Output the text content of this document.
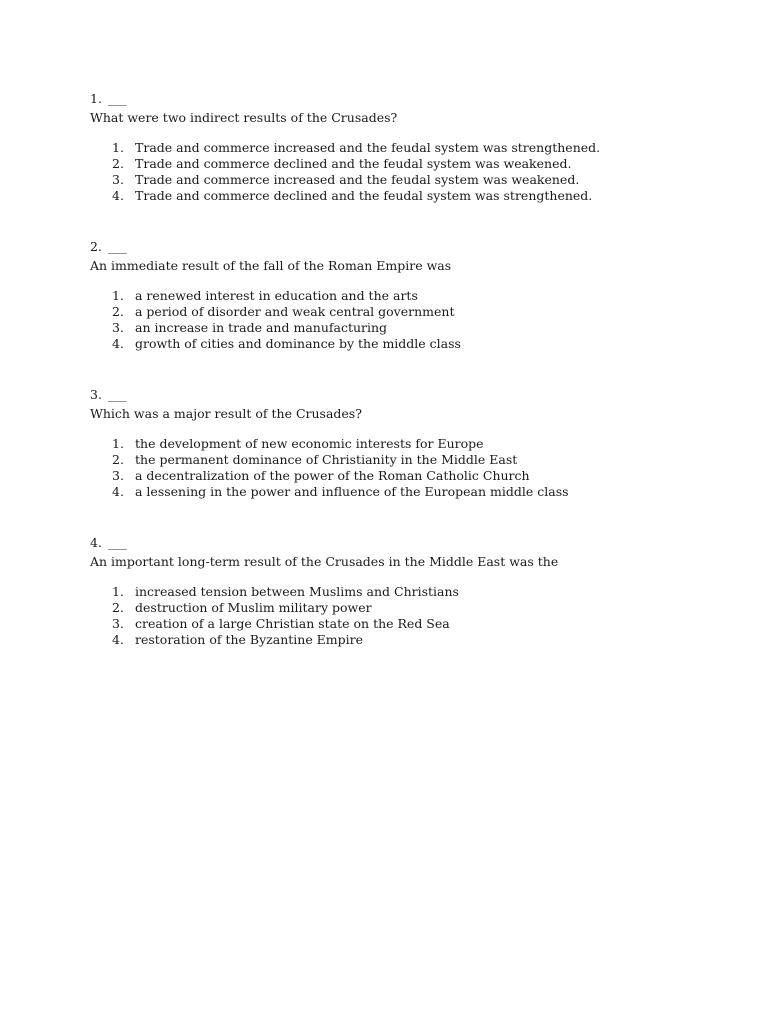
1. ___
What were two indirect results of the Crusades?
1. Trade and commerce increased and the feudal system was strengthened.
2. Trade and commerce declined and the feudal system was weakened.
3. Trade and commerce increased and the feudal system was weakened.
4. Trade and commerce declined and the feudal system was strengthened.
2. ___
An immediate result of the fall of the Roman Empire was
1. a renewed interest in education and the arts
2. a period of disorder and weak central government
3. an increase in trade and manufacturing
4. growth of cities and dominance by the middle class
3. ___
Which was a major result of the Crusades?
1. the development of new economic interests for Europe
2. the permanent dominance of Christianity in the Middle East
3. a decentralization of the power of the Roman Catholic Church
4. a lessening in the power and influence of the European middle class
4. ___
An important long-term result of the Crusades in the Middle East was the
1. increased tension between Muslims and Christians
2. destruction of Muslim military power
3. creation of a large Christian state on the Red Sea
4. restoration of the Byzantine Empire
